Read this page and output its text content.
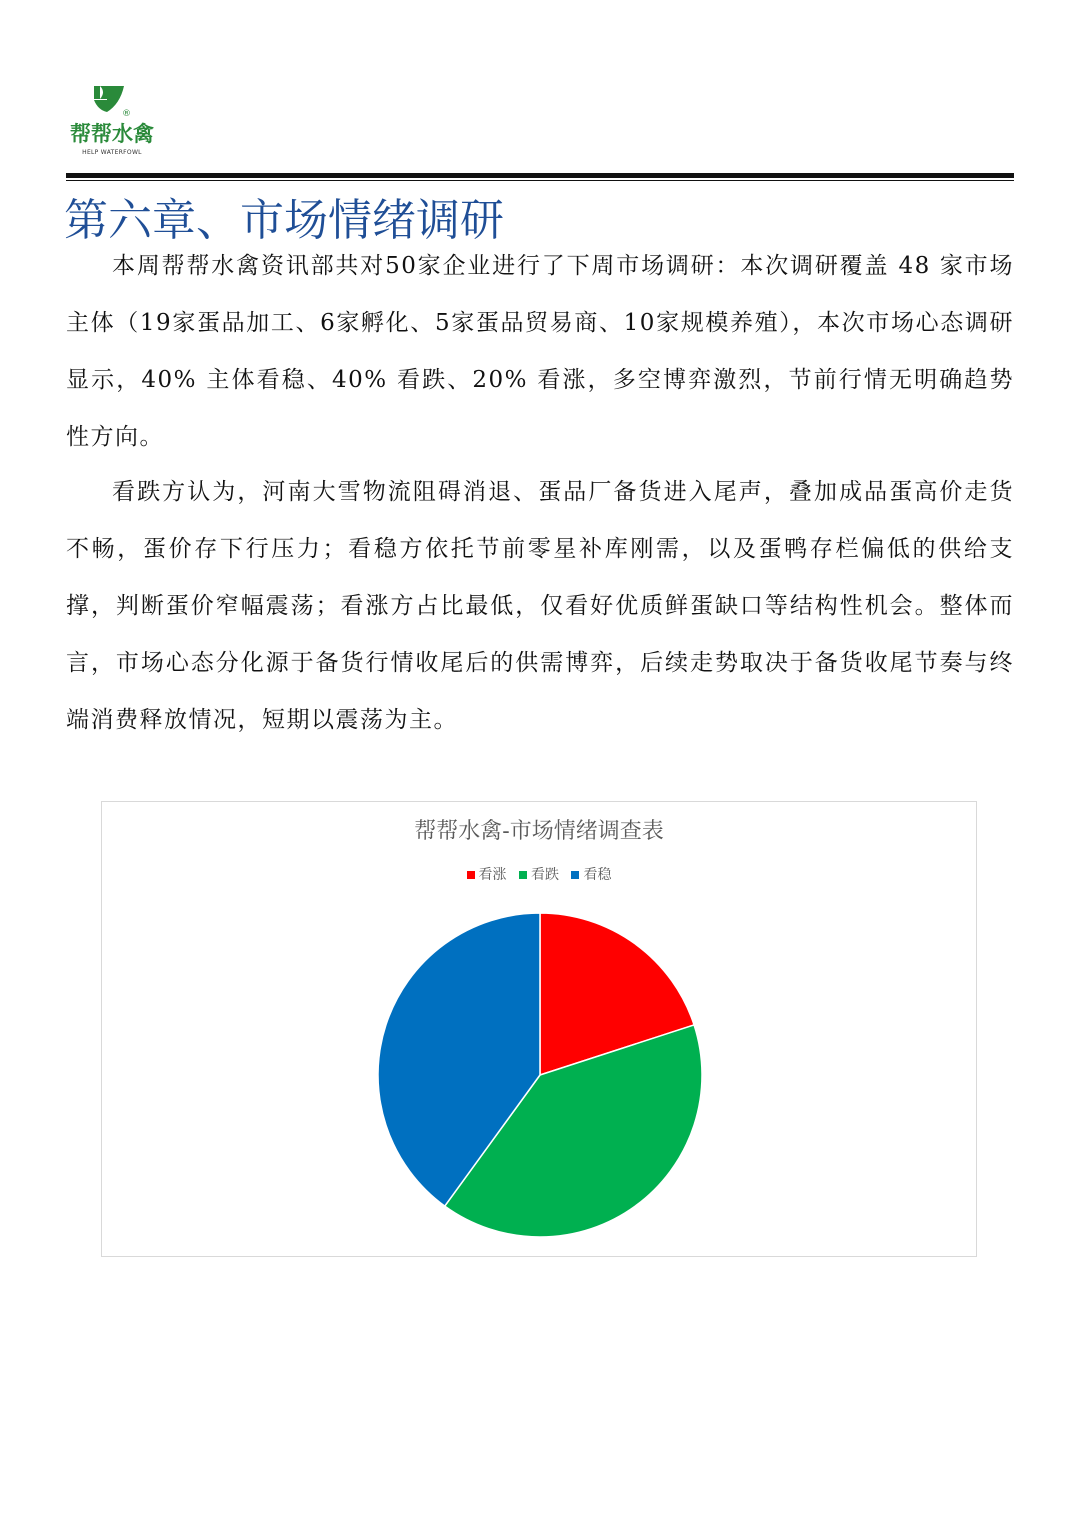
®
帮帮水禽
HELP WATERFOWL
第六章、市场情绪调研
本周帮帮水禽资讯部共对50家企业进行了下周市场调研：本次调研覆盖 48 家市场主体（19家蛋品加工、6家孵化、5家蛋品贸易商、10家规模养殖），本次市场心态调研显示，40% 主体看稳、40% 看跌、20% 看涨，多空博弈激烈，节前行情无明确趋势性方向。
看跌方认为，河南大雪物流阻碍消退、蛋品厂备货进入尾声，叠加成品蛋高价走货不畅，蛋价存下行压力；看稳方依托节前零星补库刚需，以及蛋鸭存栏偏低的供给支撑，判断蛋价窄幅震荡；看涨方占比最低，仅看好优质鲜蛋缺口等结构性机会。整体而言，市场心态分化源于备货行情收尾后的供需博弈，后续走势取决于备货收尾节奏与终端消费释放情况，短期以震荡为主。
帮帮水禽-市场情绪调查表
看涨 看跌 看稳
